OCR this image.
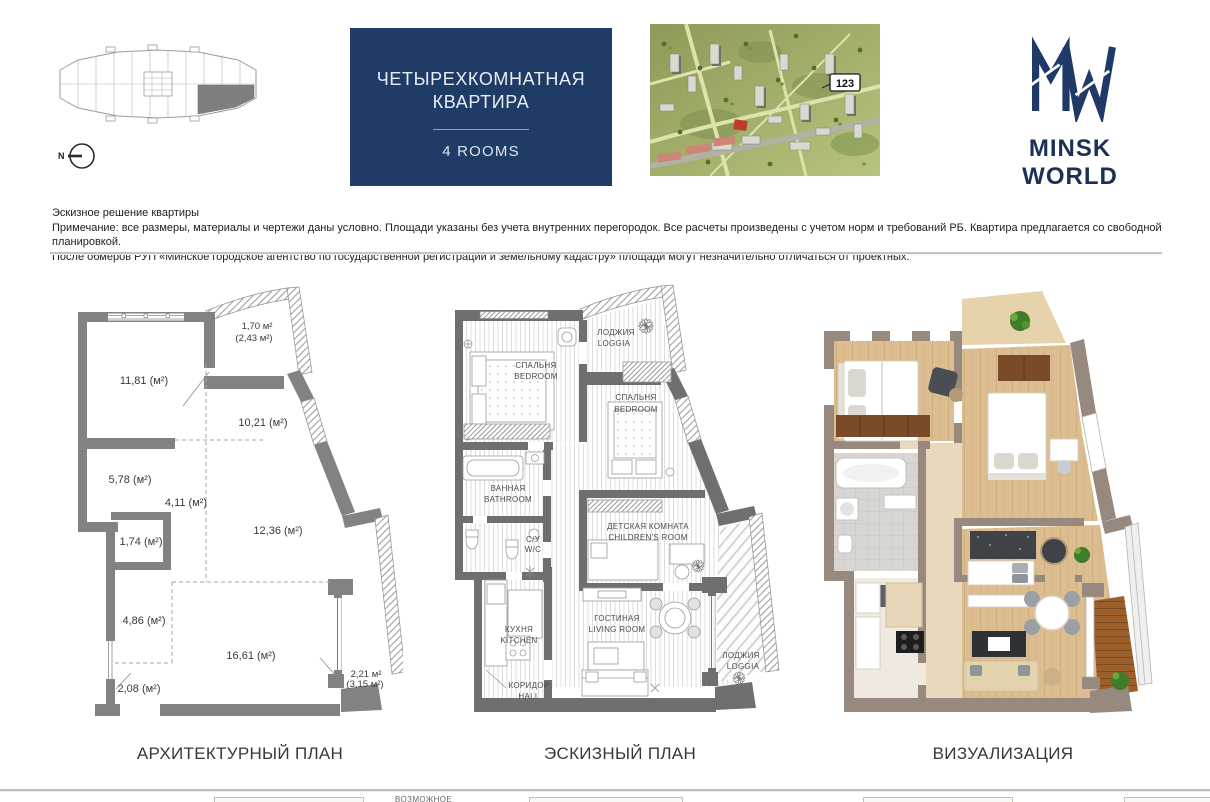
N
ЧЕТЫРЕХКОМНАТНАЯ
КВАРТИРА
4 ROOMS
123
MINSK WORLD
Эскизное решение квартиры
Примечание: все размеры, материалы и чертежи даны условно. Площади указаны без учета внутренних перегородок. Все расчеты произведены с учетом норм и требований РБ. Квартира предлагается со свободной планировкой.
После обмеров РУП «Минское городское агентство по государственной регистрации и земельному кадастру» площади могут незначительно отличаться от проектных.
1,70 м²
(2,43 м²)
11,81 (м²)
10,21 (м²)
5,78 (м²)
4,11 (м²)
1,74 (м²)
12,36 (м²)
4,86 (м²)
16,61 (м²)
2,08 (м²)
2,21 м²
(3,15 м²)
ЛОДЖИЯ
LOGGIA
СПАЛЬНЯ
BEDROOM
СПАЛЬНЯ
BEDROOM
ВАННАЯ
BATHROOM
С/У
W/C
ДЕТСКАЯ КОМНАТА
CHILDREN'S ROOM
КУХНЯ
KITCHEN
ГОСТИНАЯ
LIVING ROOM
КОРИДОР
HALL
ЛОДЖИЯ
LOGGIA
АРХИТЕКТУРНЫЙ ПЛАН	ЭСКИЗНЫЙ ПЛАН	ВИЗУАЛИЗАЦИЯ
ВОЗМОЖНОЕ
